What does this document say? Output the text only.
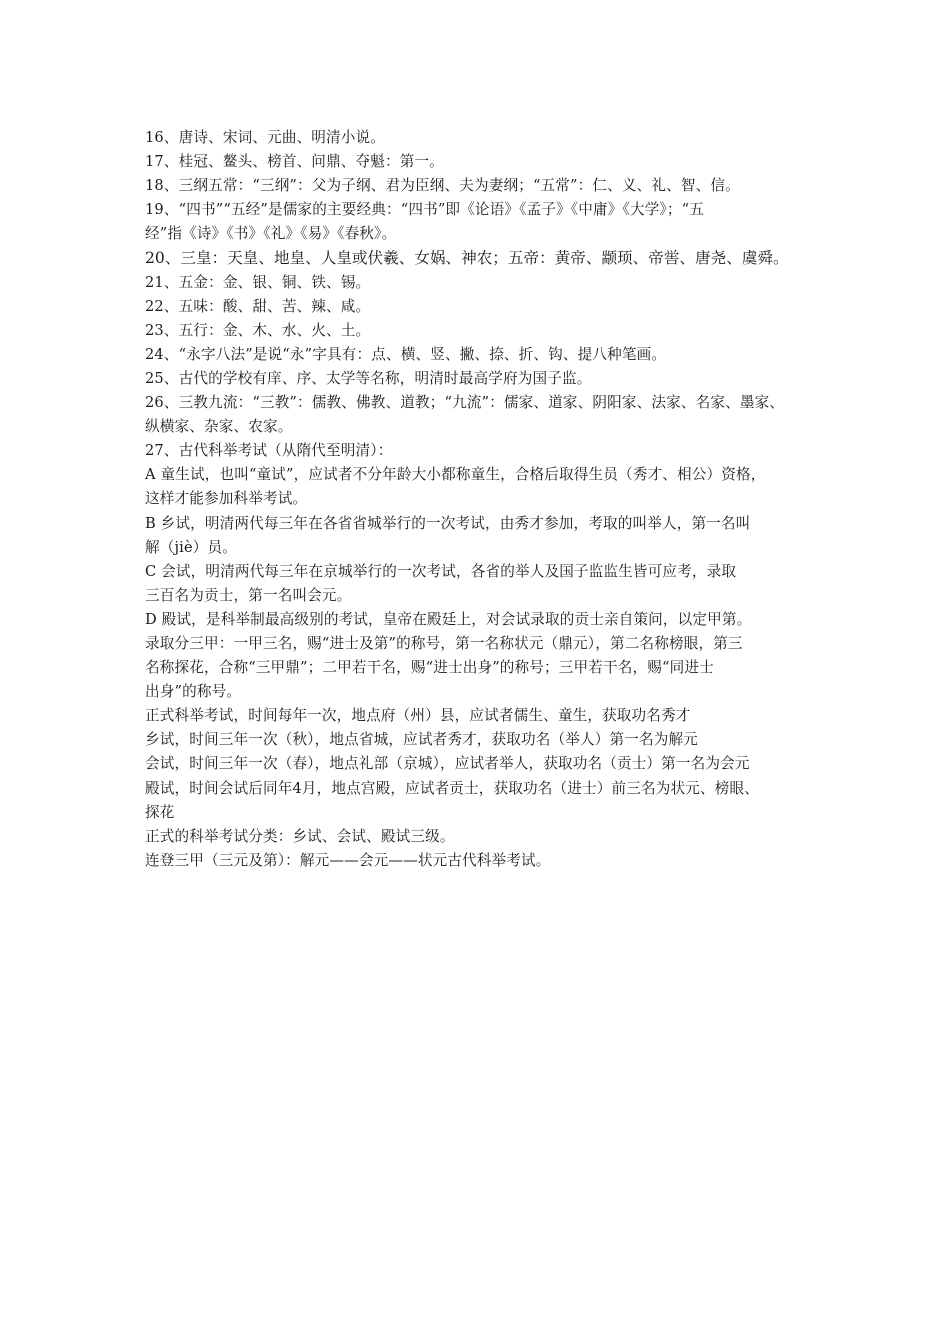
16、唐诗、宋词、元曲、明清小说。
17、桂冠、鳌头、榜首、问鼎、夺魁：第一。
18、三纲五常：“三纲”：父为子纲、君为臣纲、夫为妻纲；“五常”：仁、义、礼、智、信。
19、“四书”“五经”是儒家的主要经典：“四书”即《论语》《孟子》《中庸》《大学》；“五
经”指《诗》《书》《礼》《易》《春秋》。
20、三皇：天皇、地皇、人皇或伏羲、女娲、神农；五帝：黄帝、颛顼、帝喾、唐尧、虞舜。
21、五金：金、银、铜、铁、锡。
22、五味：酸、甜、苦、辣、咸。
23、五行：金、木、水、火、土。
24、“永字八法”是说“永”字具有：点、横、竖、撇、捺、折、钩、提八种笔画。
25、古代的学校有庠、序、太学等名称，明清时最高学府为国子监。
26、三教九流：“三教”：儒教、佛教、道教；“九流”：儒家、道家、阴阳家、法家、名家、墨家、
纵横家、杂家、农家。
27、古代科举考试（从隋代至明清）：
A 童生试，也叫“童试”，应试者不分年龄大小都称童生，合格后取得生员（秀才、相公）资格，
这样才能参加科举考试。
B 乡试，明清两代每三年在各省省城举行的一次考试，由秀才参加，考取的叫举人，第一名叫
解（jiè）员。
C 会试，明清两代每三年在京城举行的一次考试，各省的举人及国子监监生皆可应考，录取
三百名为贡士，第一名叫会元。
D 殿试，是科举制最高级别的考试，皇帝在殿廷上，对会试录取的贡士亲自策问，以定甲第。
录取分三甲：一甲三名，赐“进士及第”的称号，第一名称状元（鼎元），第二名称榜眼，第三
名称探花，合称“三甲鼎”；二甲若干名，赐“进士出身”的称号；三甲若干名，赐“同进士
出身”的称号。
正式科举考试，时间每年一次，地点府（州）县，应试者儒生、童生，获取功名秀才
乡试，时间三年一次（秋），地点省城，应试者秀才，获取功名（举人）第一名为解元
会试，时间三年一次（春），地点礼部（京城），应试者举人，获取功名（贡士）第一名为会元
殿试，时间会试后同年4月，地点宫殿，应试者贡士，获取功名（进士）前三名为状元、榜眼、
探花
正式的科举考试分类：乡试、会试、殿试三级。
连登三甲（三元及第）：解元——会元——状元古代科举考试。
